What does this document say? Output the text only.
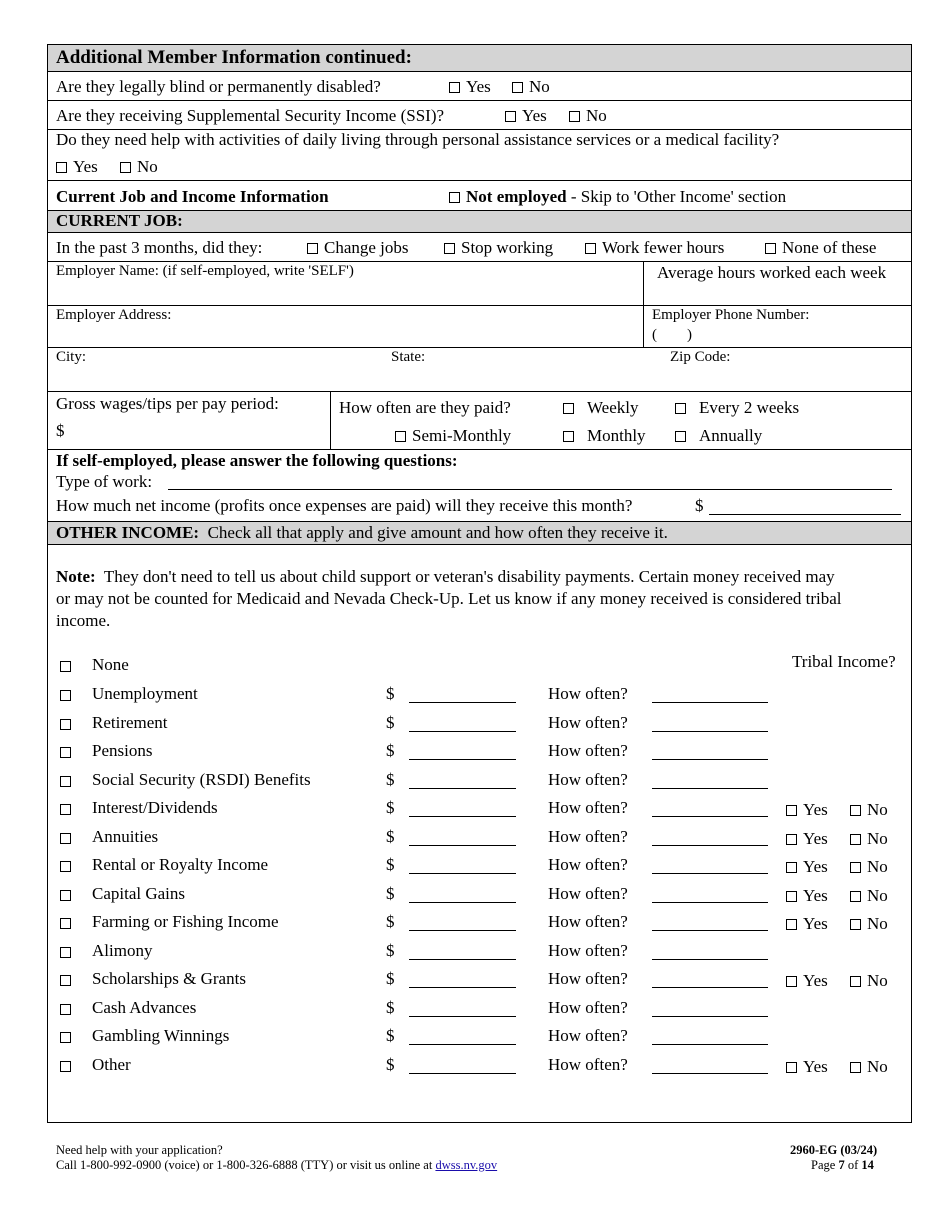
Additional Member Information continued:
Are they legally blind or permanently disabled?	Yes	No
Are they receiving Supplemental Security Income (SSI)?	Yes	No
Do they need help with activities of daily living through personal assistance services or a medical facility?
Yes	No
Current Job and Income Information	Not employed - Skip to 'Other Income' section
CURRENT JOB:
In the past 3 months, did they:	Change jobs	Stop working	Work fewer hours	None of these
Employer Name: (if self-employed, write 'SELF')	Average hours worked each week
Employer Address:	Employer Phone Number:
(        )
City:	State:	Zip Code:
Gross wages/tips per pay period:
$
How often are they paid?	Weekly	Every 2 weeks
Semi-Monthly	Monthly	Annually
If self-employed, please answer the following questions:
Type of work:
How much net income (profits once expenses are paid) will they receive this month?	$
OTHER INCOME: Check all that apply and give amount and how often they receive it.
Note: They don't need to tell us about child support or veteran's disability payments. Certain money received may
or may not be counted for Medicaid and Nevada Check-Up. Let us know if any money received is considered tribal
income.
Tribal Income?
None
Unemployment	$	How often?
Retirement	$	How often?
Pensions	$	How often?
Social Security (RSDI) Benefits	$	How often?
Interest/Dividends	$	How often?	Yes	No
Annuities	$	How often?	Yes	No
Rental or Royalty Income	$	How often?	Yes	No
Capital Gains	$	How often?	Yes	No
Farming or Fishing Income	$	How often?	Yes	No
Alimony	$	How often?
Scholarships & Grants	$	How often?	Yes	No
Cash Advances	$	How often?
Gambling Winnings	$	How often?
Other	$	How often?	Yes	No
Need help with your application?
Call 1-800-992-0900 (voice) or 1-800-326-6888 (TTY) or visit us online at dwss.nv.gov
2960-EG (03/24)
Page 7 of 14
